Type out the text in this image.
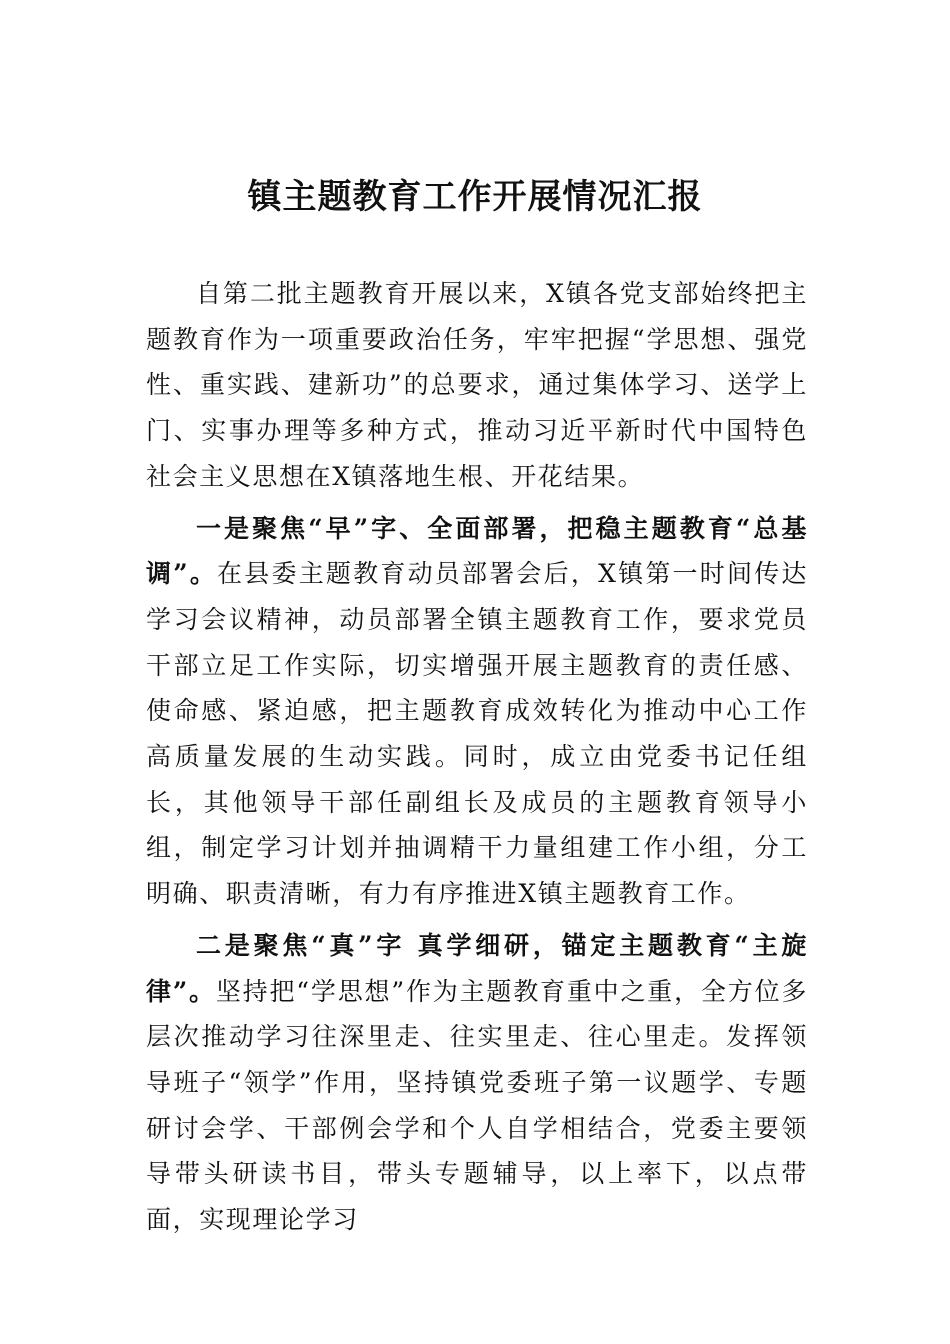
镇主题教育工作开展情况汇报

自第二批主题教育开展以来，X镇各党支部始终把主题教育作为一项重要政治任务，牢牢把握“学思想、强党性、重实践、建新功”的总要求，通过集体学习、送学上门、实事办理等多种方式，推动习近平新时代中国特色社会主义思想在X镇落地生根、开花结果。

一是聚焦“早”字、全面部署，把稳主题教育“总基调”。在县委主题教育动员部署会后，X镇第一时间传达学习会议精神，动员部署全镇主题教育工作，要求党员干部立足工作实际，切实增强开展主题教育的责任感、使命感、紧迫感，把主题教育成效转化为推动中心工作高质量发展的生动实践。同时，成立由党委书记任组长，其他领导干部任副组长及成员的主题教育领导小组，制定学习计划并抽调精干力量组建工作小组，分工明确、职责清晰，有力有序推进X镇主题教育工作。

二是聚焦“真”字 真学细研，锚定主题教育“主旋律”。坚持把“学思想”作为主题教育重中之重，全方位多层次推动学习往深里走、往实里走、往心里走。发挥领导班子“领学”作用，坚持镇党委班子第一议题学、专题研讨会学、干部例会学和个人自学相结合，党委主要领导带头研读书目，带头专题辅导，以上率下，以点带面，实现理论学习
